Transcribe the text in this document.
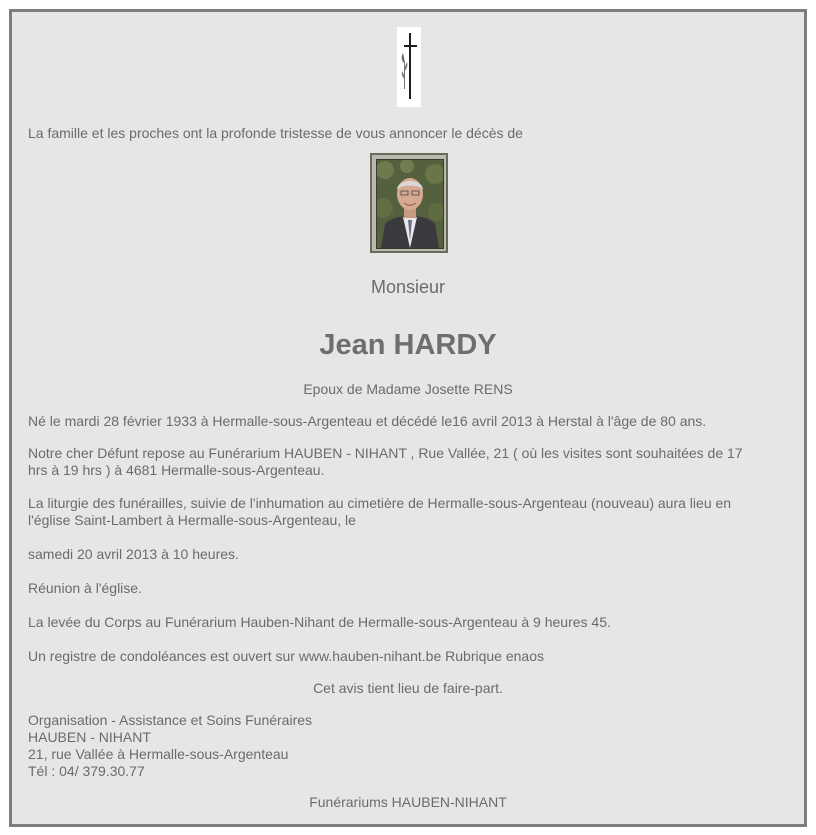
La famille et les proches ont la profonde tristesse de vous annoncer le décès de

Monsieur
Jean HARDY

Epoux de Madame Josette RENS

Né le mardi 28 février 1933 à Hermalle-sous-Argenteau et décédé le16 avril 2013 à Herstal à l'âge de 80 ans.

Notre cher Défunt repose au Funérarium HAUBEN - NIHANT , Rue Vallée, 21 ( où les visites sont souhaitées de 17

hrs à 19 hrs ) à 4681 Hermalle-sous-Argenteau.

La liturgie des funérailles, suivie de l'inhumation au cimetière de Hermalle-sous-Argenteau (nouveau) aura lieu en

l'église Saint-Lambert à Hermalle-sous-Argenteau, le

samedi 20 avril 2013 à 10 heures.

Réunion à l'église.

La levée du Corps au Funérarium Hauben-Nihant de Hermalle-sous-Argenteau à 9 heures 45.

Un registre de condoléances est ouvert sur www.hauben-nihant.be Rubrique enaos

Cet avis tient lieu de faire-part.

Organisation - Assistance et Soins Funéraires

HAUBEN - NIHANT

21, rue Vallée à Hermalle-sous-Argenteau

Tél : 04/ 379.30.77

Funérariums HAUBEN-NIHANT
